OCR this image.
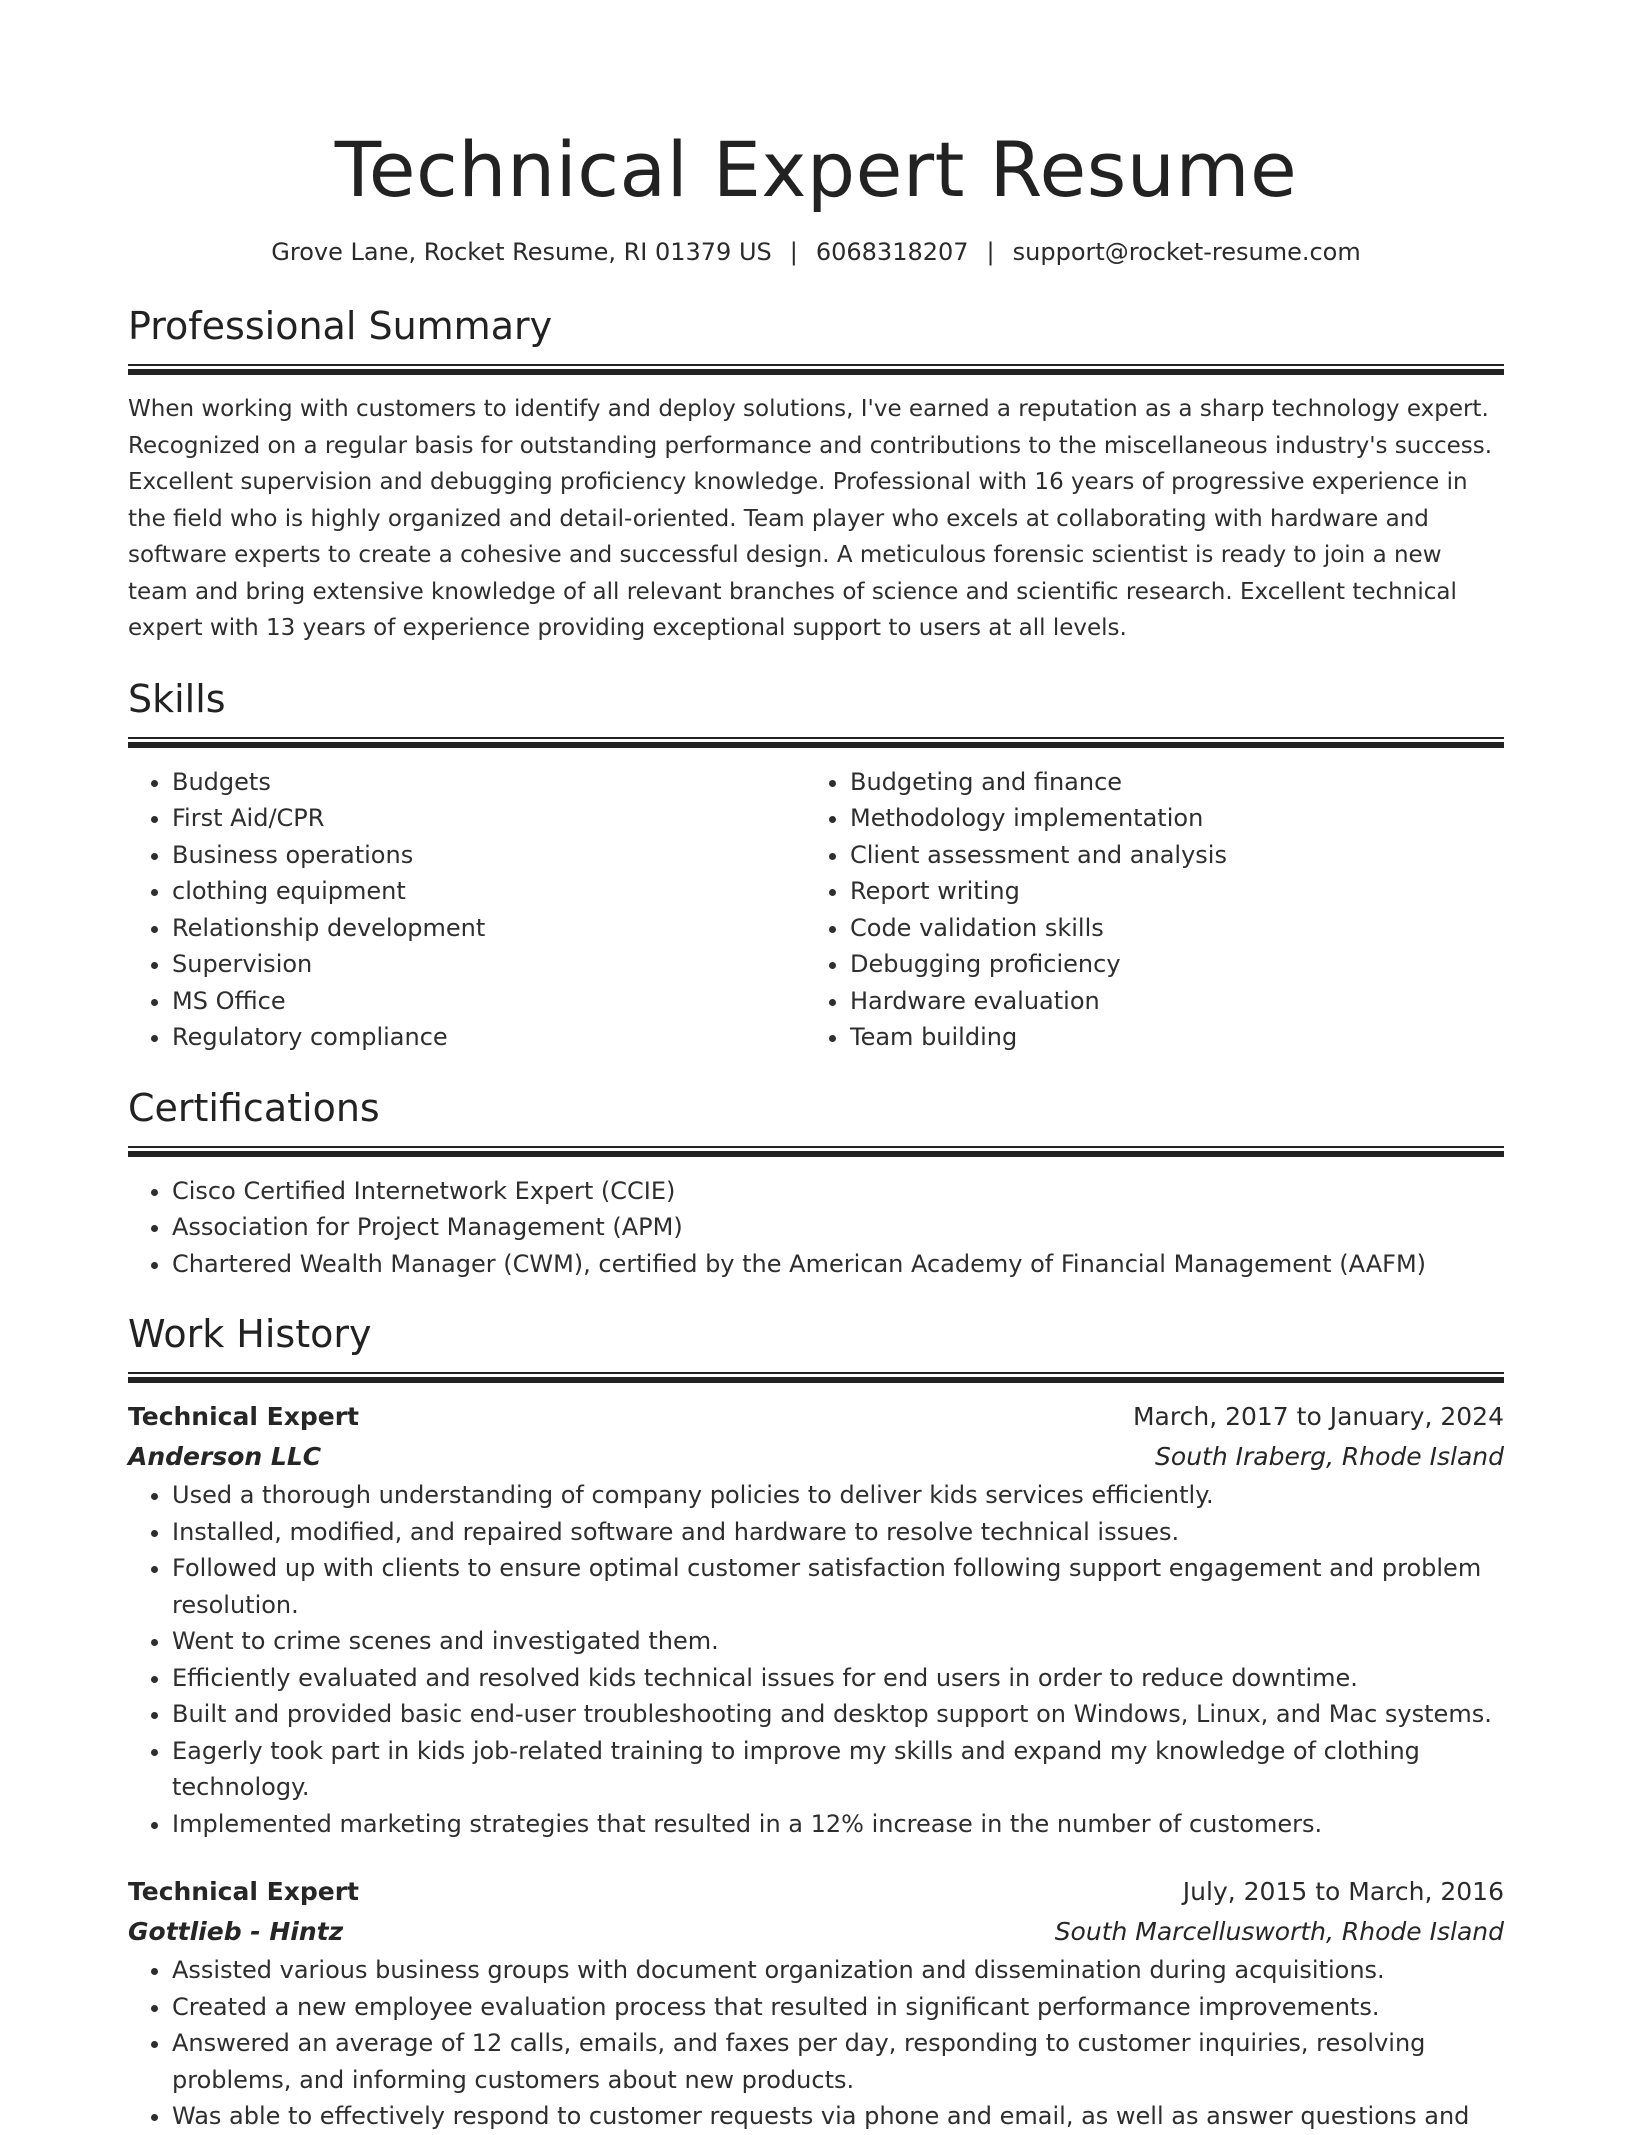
Technical Expert Resume
Grove Lane, Rocket Resume, RI 01379 US | 6068318207 | support@rocket-resume.com
Professional Summary

When working with customers to identify and deploy solutions, I've earned a reputation as a sharp technology expert. Recognized on a regular basis for outstanding performance and contributions to the miscellaneous industry's success. Excellent supervision and debugging proficiency knowledge. Professional with 16 years of progressive experience in the field who is highly organized and detail-oriented. Team player who excels at collaborating with hardware and software experts to create a cohesive and successful design. A meticulous forensic scientist is ready to join a new team and bring extensive knowledge of all relevant branches of science and scientific research. Excellent technical expert with 13 years of experience providing exceptional support to users at all levels.

Skills
• Budgets
• First Aid/CPR
• Business operations
• clothing equipment
• Relationship development
• Supervision
• MS Office
• Regulatory compliance
• Budgeting and finance
• Methodology implementation
• Client assessment and analysis
• Report writing
• Code validation skills
• Debugging proficiency
• Hardware evaluation
• Team building
Certifications
• Cisco Certified Internetwork Expert (CCIE)
• Association for Project Management (APM)
• Chartered Wealth Manager (CWM), certified by the American Academy of Financial Management (AAFM)
Work History
Technical Expert	March, 2017 to January, 2024
Anderson LLC	South Iraberg, Rhode Island
• Used a thorough understanding of company policies to deliver kids services efficiently.
• Installed, modified, and repaired software and hardware to resolve technical issues.
• Followed up with clients to ensure optimal customer satisfaction following support engagement and problem resolution.
• Went to crime scenes and investigated them.
• Efficiently evaluated and resolved kids technical issues for end users in order to reduce downtime.
• Built and provided basic end-user troubleshooting and desktop support on Windows, Linux, and Mac systems.
• Eagerly took part in kids job-related training to improve my skills and expand my knowledge of clothing technology.
• Implemented marketing strategies that resulted in a 12% increase in the number of customers.
Technical Expert	July, 2015 to March, 2016
Gottlieb - Hintz	South Marcellusworth, Rhode Island
• Assisted various business groups with document organization and dissemination during acquisitions.
• Created a new employee evaluation process that resulted in significant performance improvements.
• Answered an average of 12 calls, emails, and faxes per day, responding to customer inquiries, resolving problems, and informing customers about new products.
• Was able to effectively respond to customer requests via phone and email, as well as answer questions and
